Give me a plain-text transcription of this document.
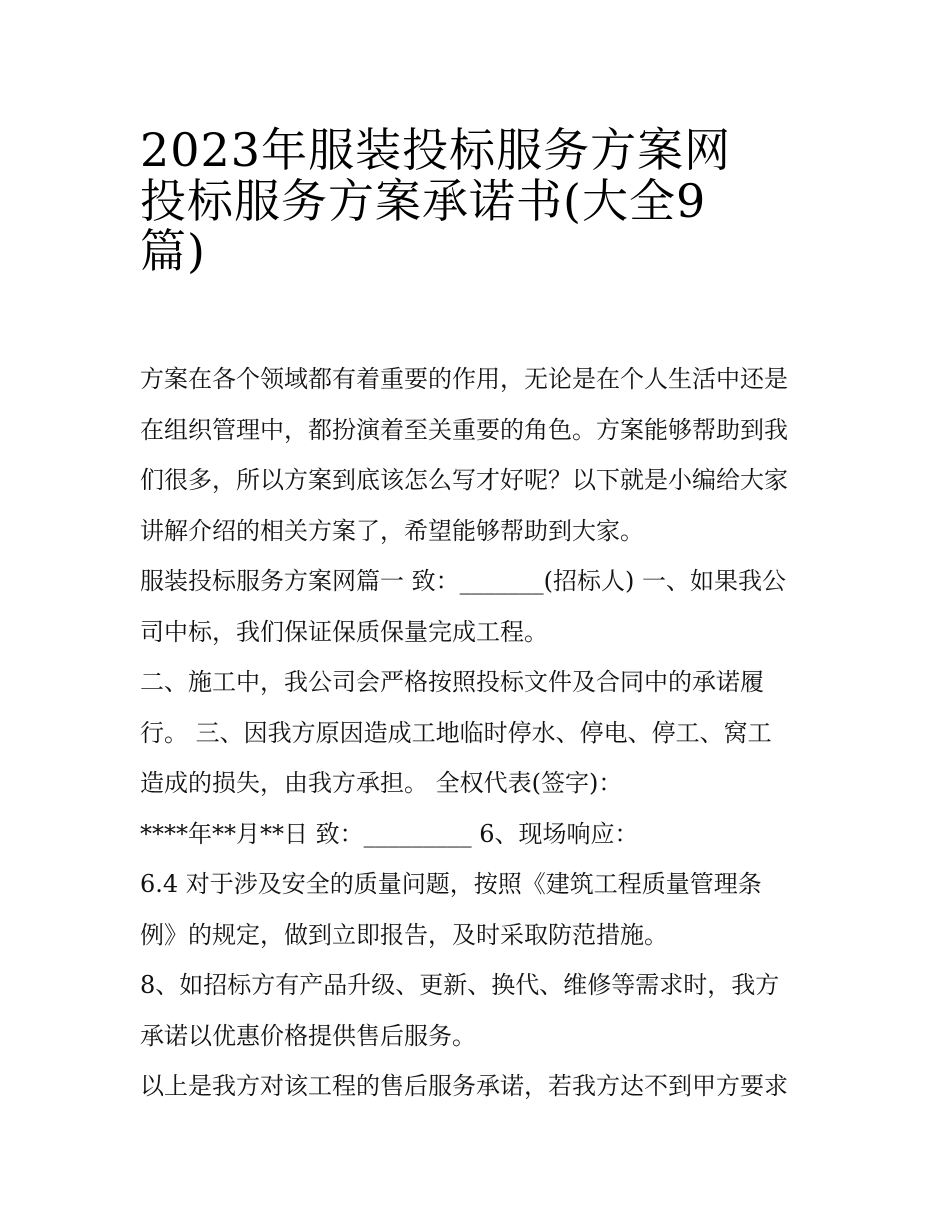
2023年服装投标服务方案网
投标服务方案承诺书(大全9
篇)

方案在各个领域都有着重要的作用，无论是在个人生活中还是
在组织管理中，都扮演着至关重要的角色。方案能够帮助到我
们很多，所以方案到底该怎么写才好呢？以下就是小编给大家
讲解介绍的相关方案了，希望能够帮助到大家。

服装投标服务方案网篇一 致：_______(招标人) 一、如果我公
司中标，我们保证保质保量完成工程。

二、施工中，我公司会严格按照投标文件及合同中的承诺履
行。 三、因我方原因造成工地临时停水、停电、停工、窝工
造成的损失，由我方承担。 全权代表(签字)：

****年**月**日 致：_________ 6、现场响应：

6.4 对于涉及安全的质量问题，按照《建筑工程质量管理条
例》的规定，做到立即报告，及时采取防范措施。

8、如招标方有产品升级、更新、换代、维修等需求时，我方
承诺以优惠价格提供售后服务。

以上是我方对该工程的售后服务承诺，若我方达不到甲方要求
